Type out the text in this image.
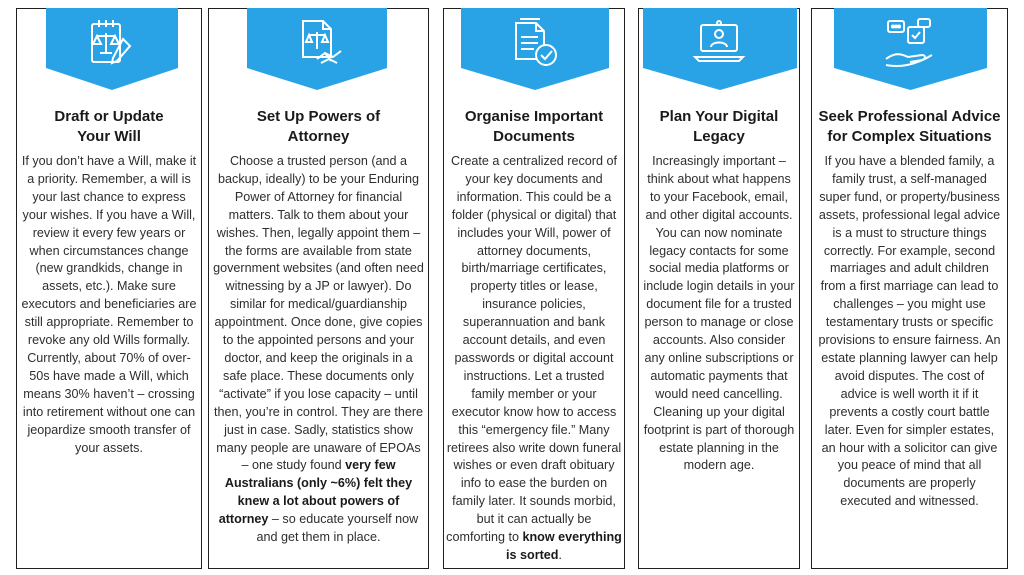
Draft or Update Your Will
If you don’t have a Will, make it a priority. Remember, a will is your last chance to express your wishes. If you have a Will, review it every few years or when circumstances change (new grandkids, change in assets, etc.). Make sure executors and beneficiaries are still appropriate. Remember to revoke any old Wills formally. Currently, about 70% of over-50s have made a Will, which means 30% haven’t – crossing into retirement without one can jeopardize smooth transfer of your assets.
Set Up Powers of Attorney
Choose a trusted person (and a backup, ideally) to be your Enduring Power of Attorney for financial matters. Talk to them about your wishes. Then, legally appoint them – the forms are available from state government websites (and often need witnessing by a JP or lawyer). Do similar for medical/guardianship appointment. Once done, give copies to the appointed persons and your doctor, and keep the originals in a safe place. These documents only “activate” if you lose capacity – until then, you’re in control. They are there just in case. Sadly, statistics show many people are unaware of EPOAs – one study found very few Australians (only ~6%) felt they knew a lot about powers of attorney – so educate yourself now and get them in place.
Organise Important Documents
Create a centralized record of your key documents and information. This could be a folder (physical or digital) that includes your Will, power of attorney documents, birth/marriage certificates, property titles or lease, insurance policies, superannuation and bank account details, and even passwords or digital account instructions. Let a trusted family member or your executor know how to access this “emergency file.” Many retirees also write down funeral wishes or even draft obituary info to ease the burden on family later. It sounds morbid, but it can actually be comforting to know everything is sorted.
Plan Your Digital Legacy
Increasingly important – think about what happens to your Facebook, email, and other digital accounts. You can now nominate legacy contacts for some social media platforms or include login details in your document file for a trusted person to manage or close accounts. Also consider any online subscriptions or automatic payments that would need cancelling. Cleaning up your digital footprint is part of thorough estate planning in the modern age.
Seek Professional Advice for Complex Situations
If you have a blended family, a family trust, a self-managed super fund, or property/business assets, professional legal advice is a must to structure things correctly. For example, second marriages and adult children from a first marriage can lead to challenges – you might use testamentary trusts or specific provisions to ensure fairness. An estate planning lawyer can help avoid disputes. The cost of advice is well worth it if it prevents a costly court battle later. Even for simpler estates, an hour with a solicitor can give you peace of mind that all documents are properly executed and witnessed.
